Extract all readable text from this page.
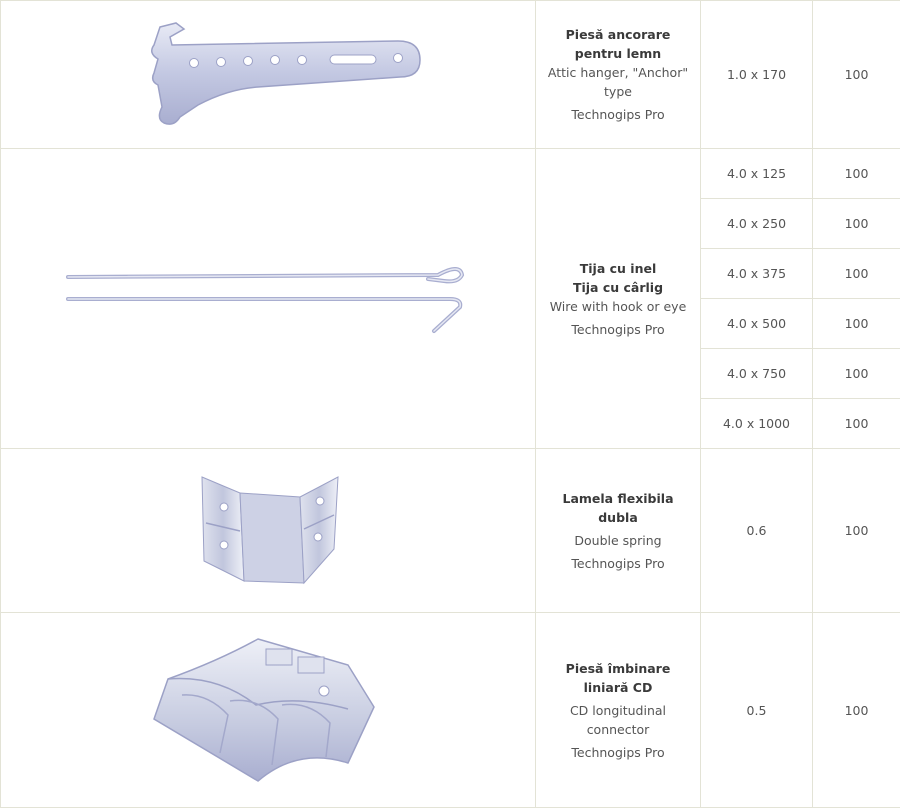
Piesă ancorare pentru lemn
Attic hanger, "Anchor" type
Technogips Pro	1.0 x 170	100

Tija cu inel
Tija cu cârlig
Wire with hook or eye
Technogips Pro	4.0 x 125	100
		4.0 x 250	100
		4.0 x 375	100
		4.0 x 500	100
		4.0 x 750	100
		4.0 x 1000	100

Lamela flexibila dubla
Double spring
Technogips Pro	0.6	100

Piesă îmbinare liniară CD
CD longitudinal connector
Technogips Pro	0.5	100
